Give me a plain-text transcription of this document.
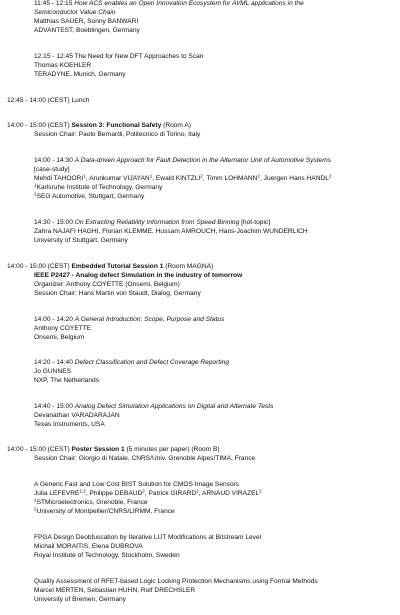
11:45 - 12:15 How ACS enables an Open Innovation Ecosystem for AI/ML applications in the
Semiconductor Value Chain
Matthias SAUER, Sonny BANWARI
ADVANTEST, Boeblingen, Germany
12:15 - 12:45 The Need for New DFT Approaches to Scan
Thomas KOEHLER
TERADYNE, Munich, Germany
12:45 - 14:00 (CEST) Lunch
14:00 - 15:00 (CEST) Session 3: Functional Safety (Room A)
Session Chair: Paolo Bernardi, Politecnico di Torino, Italy
14:00 - 14:30 A Data-driven Approach for Fault Detection in the Alternator Unit of Automotive Systems
[case-study]
Mehdi TAHOORI$^1$, Arunkumar VIJAYAN$^1$, Ewald KINTZLI$^2$, Timm LOHMANN$^2$, Juergen Hans HANDL$^2$
$^1$Karlsruhe Institute of Technology, Germany
$^2$SEG Automotive, Stuttgart, Germany
14:30 - 15:00 On Extracting Reliability Information from Speed Binning [hot-topic]
Zahra NAJAFI HAGHI, Florian KLEMME, Hussam AMROUCH, Hans-Joachim WUNDERLICH
University of Stuttgart, Germany
14:00 - 15:00 (CEST) Embedded Tutorial Session 1 (Room MAGNA)
IEEE P2427 - Analog defect Simulation in the industry of tomorrow
Organizer: Anthony COYETTE (Onsemi, Belgium)
Session Chair: Hans Martin von Staudt, Dialog, Germany
14:00 - 14:20 A General Introduction: Scope, Purpose and Status
Anthony COYETTE
Onsemi, Belgium
14:20 - 14:40 Defect Classification and Defect Coverage Reporting
Jo GUNNES
NXP, The Netherlands
14:40 - 15:00 Analog Defect Simulation Applications on Digital and Alternate Tests
Devanathan VARADARAJAN
Texas Instruments, USA
14:00 - 15:00 (CEST) Poster Session 1 (5 minutes per paper) (Room B)
Session Chair: Giorgio di Natale, CNRS/Univ. Grenoble Alpes/TIMA, France
A Generic Fast and Low Cost BIST Solution for CMOS Image Sensors
Julia LEFEVRE$^{1,2}$, Philippe DEBAUD$^2$, Patrick GIRARD$^2$, ARNAUD VIRAZEL$^2$
$^1$STMicroelectronics, Grenoble, France
$^2$University of Montpellier/CNRS/LIRMM, France
FPGA Design Deobfuscation by Iterative LUT Modifications at Bitstream Level
Michail MORAITIS, Elena DUBROVA
Royal Institute of Technology, Stockholm, Sweden
Quality Assessment of RFET-based Logic Locking Protection Mechanisms using Formal Methods
Marcel MERTEN, Sebastian HUHN, Rolf DRECHSLER
University of Bremen, Germany
